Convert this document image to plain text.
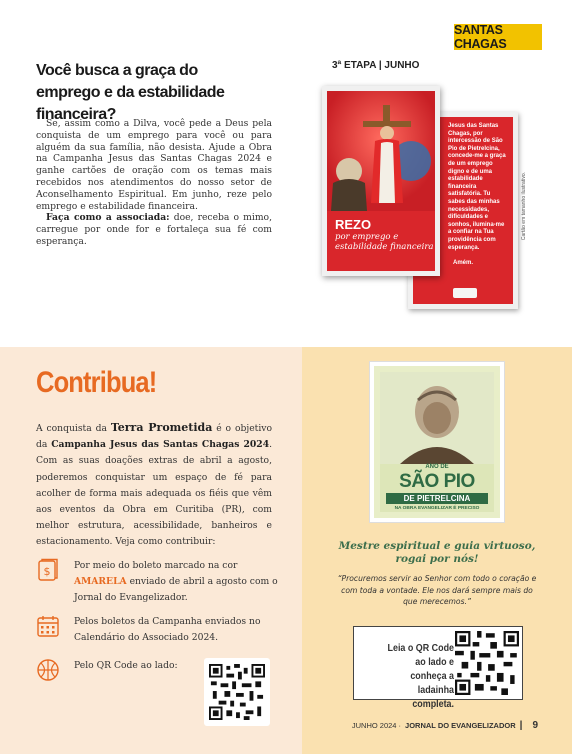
SANTAS CHAGAS
Você busca a graça do
emprego e da estabilidade financeira?

Se, assim como a Dilva, você pede a Deus pela conquista de um emprego para você ou para alguém da sua família, não desista. Ajude a Obra na Campanha Jesus das Santas Chagas 2024 e ganhe cartões de oração com os temas mais recebidos nos atendimentos do nosso setor de Aconselhamento Espiritual. Em junho, reze pelo emprego e estabilidade financeira.

Faça como a associada: doe, receba o mimo, carregue por onde for e fortaleça sua fé com esperança.

3ª ETAPA | JUNHO
Jesus das Santas Chagas, por intercessão de São Pio de Pietrelcina, concede-me a graça de um emprego digno e de uma estabilidade financeira satisfatória. Tu sabes das minhas necessidades, dificuldades e sonhos, ilumina-me a confiar na Tua providência com esperança.
Amém.
REZO
por emprego e estabilidade financeira
Cartão em tamanho ilustrativo.
Contribua!
A conquista da Terra Prometida é o objetivo da Campanha Jesus das Santas Chagas 2024. Com as suas doações extras de abril a agosto, poderemos conquistar um espaço de fé para acolher de forma mais adequada os fiéis que vêm aos eventos da Obra em Curitiba (PR), com melhor estrutura, acessibilidade, banheiros e estacionamento. Veja como contribuir:
$	Por meio do boleto marcado na cor AMARELA enviado de abril a agosto com o Jornal do Evangelizador.
Pelos boletos da Campanha enviados no Calendário do Associado 2024.
Pelo QR Code ao lado:
ANO DE
SÃO PIO
DE PIETRELCINA
NA OBRA EVANGELIZAR É PRECISO
Mestre espiritual e guia virtuoso, rogai por nós!
“Procuremos servir ao Senhor com todo o coração e com toda a vontade. Ele nos dará sempre mais do que merecemos.”
Leia o QR Code ao lado e conheça a ladainha completa.
JUNHO 2024 · JORNAL DO EVANGELIZADOR | 9
